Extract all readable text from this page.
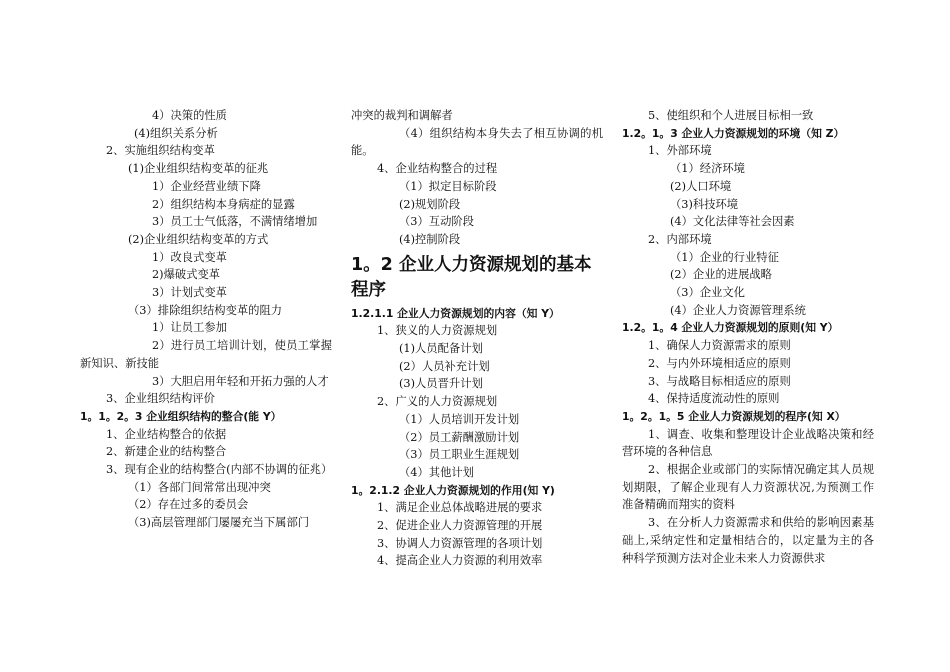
4）决策的性质
(4)组织关系分析
2、实施组织结构变革
(1)企业组织结构变革的征兆
1）企业经营业绩下降
2）组织结构本身病症的显露
3）员工士气低落，不满情绪增加
(2)企业组织结构变革的方式
1）改良式变革
2)爆破式变革
3）计划式变革
（3）排除组织结构变革的阻力
1）让员工参加
2）进行员工培训计划，使员工掌握新知识、新技能
3）大胆启用年轻和开拓力强的人才
3、企业组织结构评价
1。1。2。3 企业组织结构的整合(能 Y）
1、企业结构整合的依据
2、新建企业的结构整合
3、现有企业的结构整合(内部不协调的征兆）
（1）各部门间常常出现冲突
（2）存在过多的委员会
（3)高层管理部门屡屡充当下属部门
冲突的裁判和调解者
（4）组织结构本身失去了相互协调的机能。
4、企业结构整合的过程
（1）拟定目标阶段
(2)规划阶段
（3）互动阶段
(4)控制阶段
1。2 企业人力资源规划的基本程序
1.2.1.1 企业人力资源规划的内容（知 Y）
1、狭义的人力资源规划
(1)人员配备计划
(2）人员补充计划
(3)人员晋升计划
2、广义的人力资源规划
（1）人员培训开发计划
（2）员工薪酬激励计划
（3）员工职业生涯规划
（4）其他计划
1。2.1.2 企业人力资源规划的作用(知 Y)
1、满足企业总体战略进展的要求
2、促进企业人力资源管理的开展
3、协调人力资源管理的各项计划
4、提高企业人力资源的利用效率
5、使组织和个人进展目标相一致
1.2。1。3 企业人力资源规划的环境（知 Z）
1、外部环境
（1）经济环境
(2)人口环境
（3)科技环境
(4）文化法律等社会因素
2、内部环境
（1）企业的行业特征
(2）企业的进展战略
（3）企业文化
(4）企业人力资源管理系统
1.2。1。4 企业人力资源规划的原则(知 Y）
1、确保人力资源需求的原则
2、与内外环境相适应的原则
3、与战略目标相适应的原则
4、保持适度流动性的原则
1。2。1。5 企业人力资源规划的程序(知 X）
1、调查、收集和整理设计企业战略决策和经营环境的各种信息
2、根据企业或部门的实际情况确定其人员规划期限，了解企业现有人力资源状况,为预测工作准备精确而翔实的资料
3、在分析人力资源需求和供给的影响因素基础上,采纳定性和定量相结合的，以定量为主的各种科学预测方法对企业未来人力资源供求
